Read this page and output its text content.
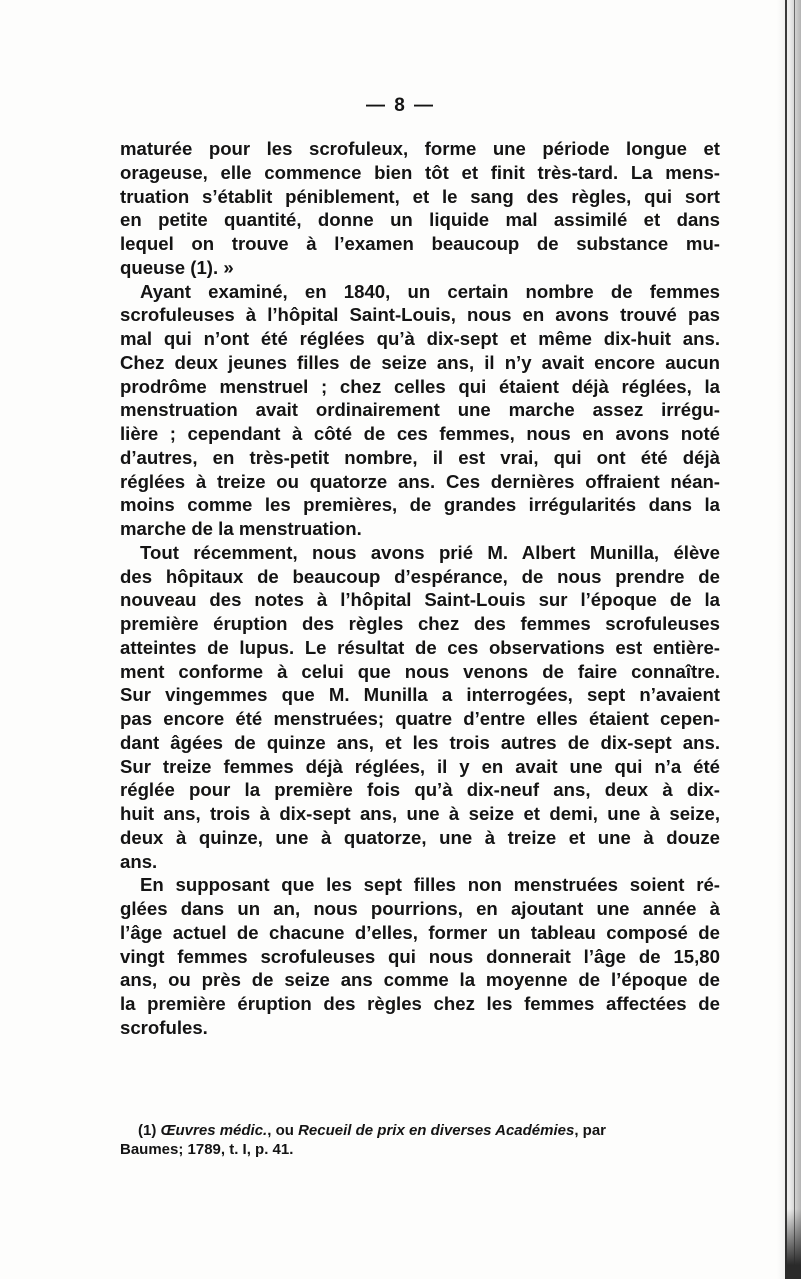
— 8 —
maturée pour les scrofuleux, forme une période longue et
orageuse, elle commence bien tôt et finit très-tard. La mens-
truation s’établit péniblement, et le sang des règles, qui sort
en petite quantité, donne un liquide mal assimilé et dans
lequel on trouve à l’examen beaucoup de substance mu-
queuse (1). »
Ayant examiné, en 1840, un certain nombre de femmes
scrofuleuses à l’hôpital Saint-Louis, nous en avons trouvé pas
mal qui n’ont été réglées qu’à dix-sept et même dix-huit ans.
Chez deux jeunes filles de seize ans, il n’y avait encore aucun
prodrôme menstruel ; chez celles qui étaient déjà réglées, la
menstruation avait ordinairement une marche assez irrégu-
lière ; cependant à côté de ces femmes, nous en avons noté
d’autres, en très-petit nombre, il est vrai, qui ont été déjà
réglées à treize ou quatorze ans. Ces dernières offraient néan-
moins comme les premières, de grandes irrégularités dans la
marche de la menstruation.
Tout récemment, nous avons prié M. Albert Munilla, élève
des hôpitaux de beaucoup d’espérance, de nous prendre de
nouveau des notes à l’hôpital Saint-Louis sur l’époque de la
première éruption des règles chez des femmes scrofuleuses
atteintes de lupus. Le résultat de ces observations est entière-
ment conforme à celui que nous venons de faire connaître.
Sur vingemmes que M. Munilla a interrogées, sept n’avaient
pas encore été menstruées; quatre d’entre elles étaient cepen-
dant âgées de quinze ans, et les trois autres de dix-sept ans.
Sur treize femmes déjà réglées, il y en avait une qui n’a été
réglée pour la première fois qu’à dix-neuf ans, deux à dix-
huit ans, trois à dix-sept ans, une à seize et demi, une à seize,
deux à quinze, une à quatorze, une à treize et une à douze
ans.
En supposant que les sept filles non menstruées soient ré-
glées dans un an, nous pourrions, en ajoutant une année à
l’âge actuel de chacune d’elles, former un tableau composé de
vingt femmes scrofuleuses qui nous donnerait l’âge de 15,80
ans, ou près de seize ans comme la moyenne de l’époque de
la première éruption des règles chez les femmes affectées de
scrofules.
(1) Œuvres médic., ou Recueil de prix en diverses Académies, par
Baumes; 1789, t. I, p. 41.
